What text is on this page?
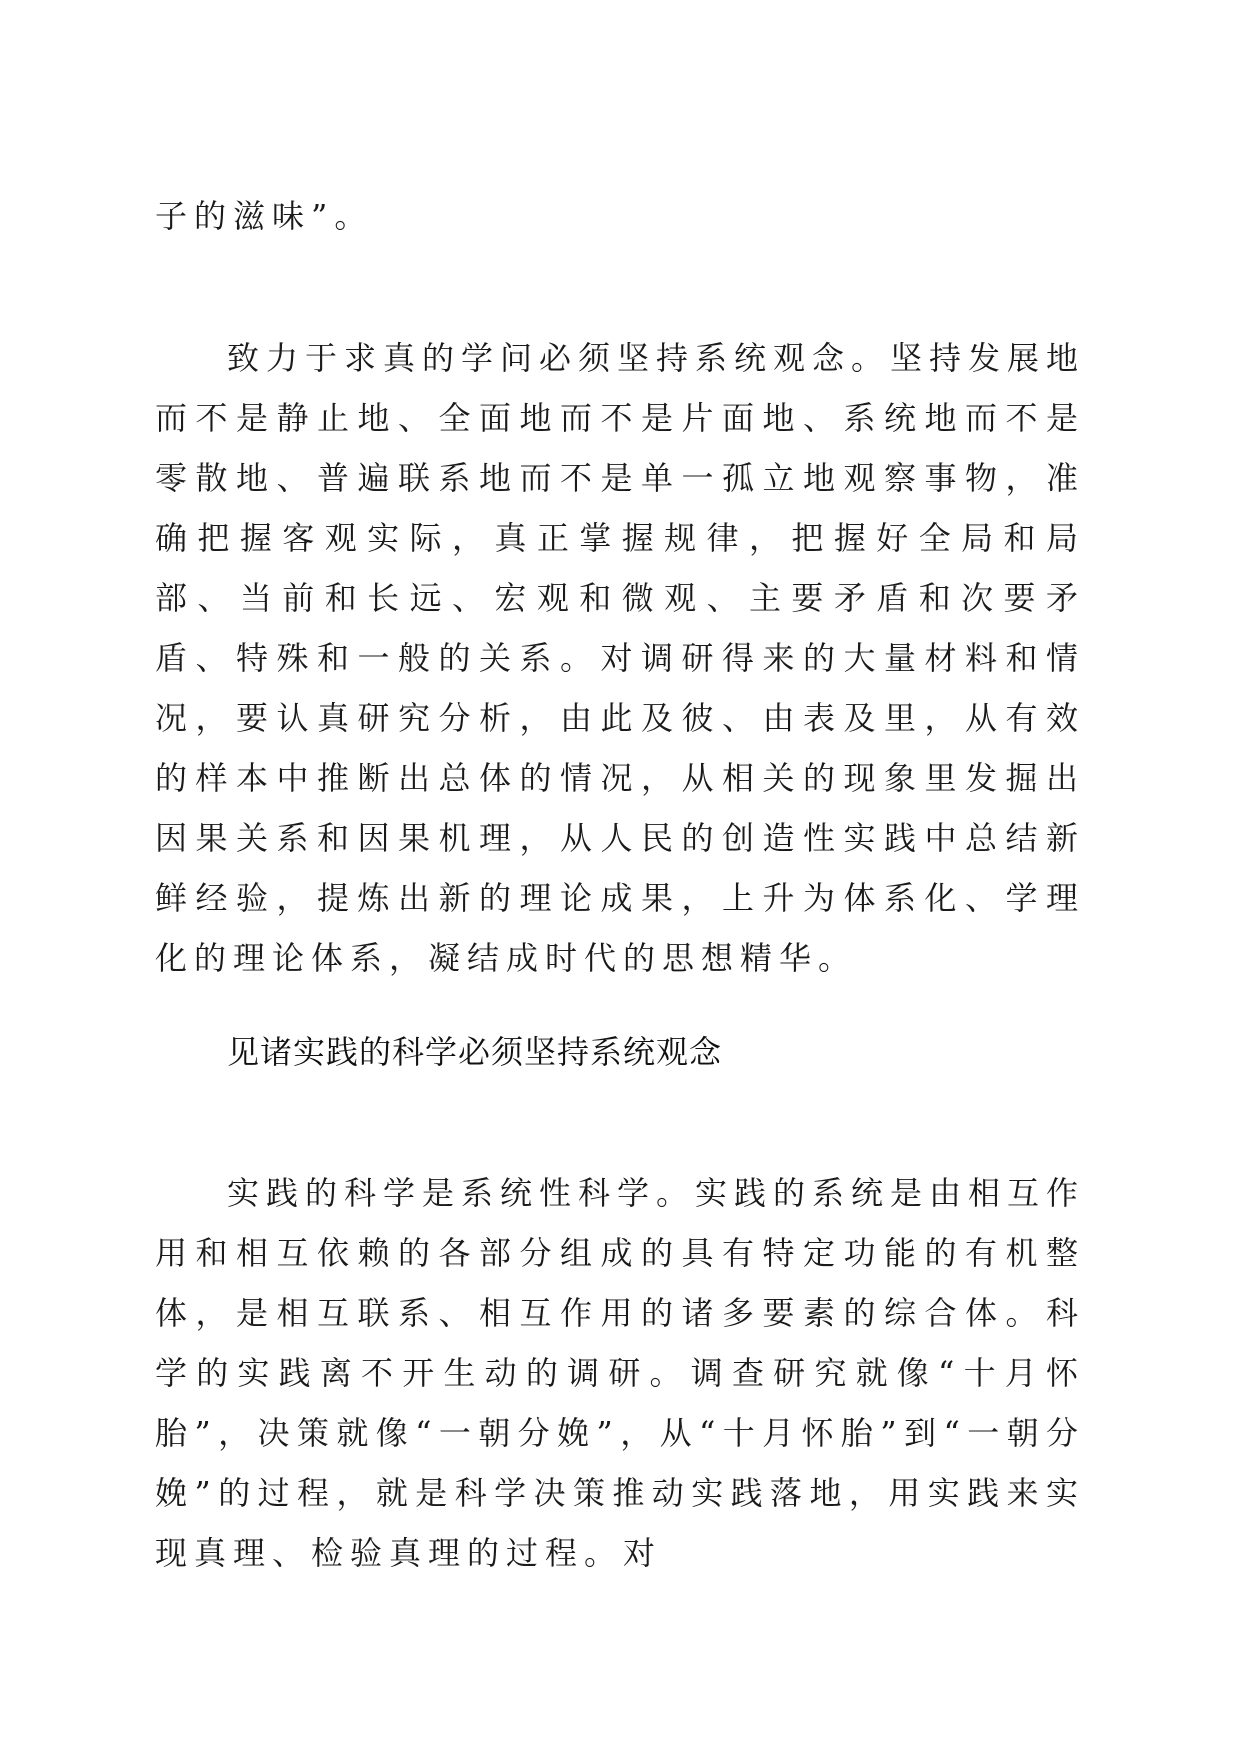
子的滋味”。

致力于求真的学问必须坚持系统观念。坚持发展地而不是静止地、全面地而不是片面地、系统地而不是零散地、普遍联系地而不是单一孤立地观察事物，准确把握客观实际，真正掌握规律，把握好全局和局部、当前和长远、宏观和微观、主要矛盾和次要矛盾、特殊和一般的关系。对调研得来的大量材料和情况，要认真研究分析，由此及彼、由表及里，从有效的样本中推断出总体的情况，从相关的现象里发掘出因果关系和因果机理，从人民的创造性实践中总结新鲜经验，提炼出新的理论成果，上升为体系化、学理化的理论体系，凝结成时代的思想精华。

见诸实践的科学必须坚持系统观念

实践的科学是系统性科学。实践的系统是由相互作用和相互依赖的各部分组成的具有特定功能的有机整体，是相互联系、相互作用的诸多要素的综合体。科学的实践离不开生动的调研。调查研究就像“十月怀胎”，决策就像“一朝分娩”，从“十月怀胎”到“一朝分娩”的过程，就是科学决策推动实践落地，用实践来实现真理、检验真理的过程。对
